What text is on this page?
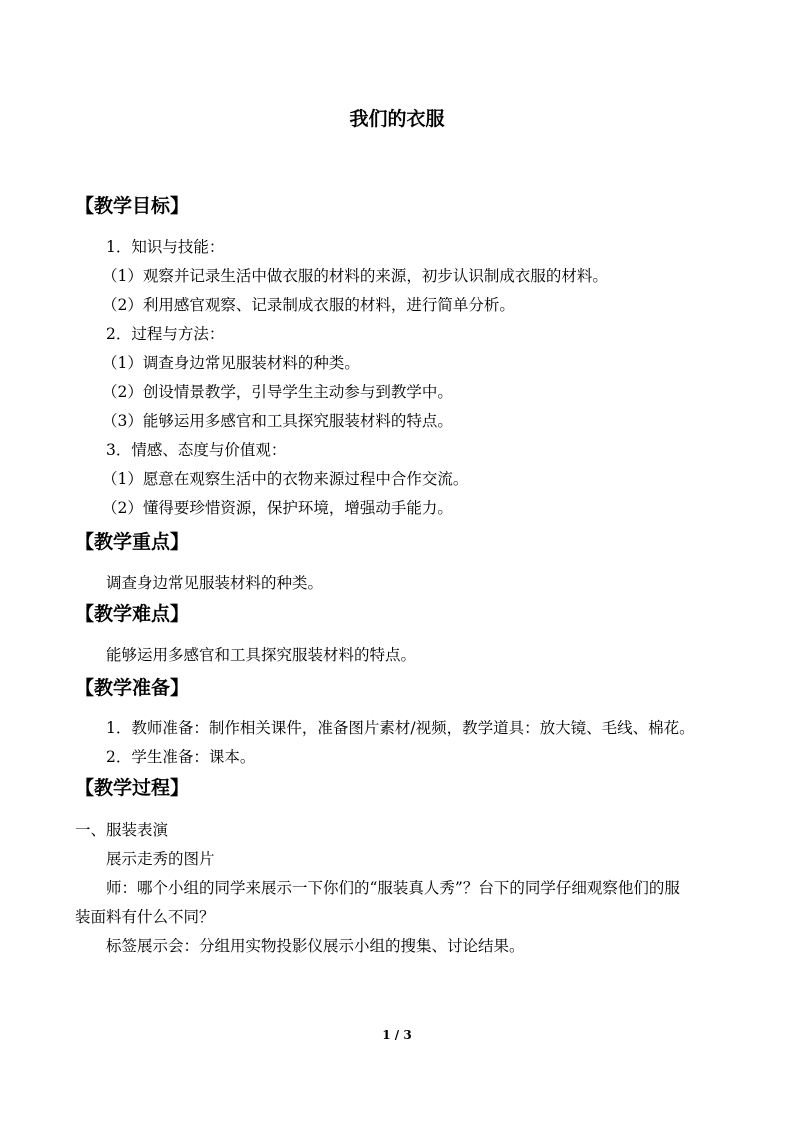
我们的衣服
【教学目标】
1．知识与技能：
（1）观察并记录生活中做衣服的材料的来源，初步认识制成衣服的材料。
（2）利用感官观察、记录制成衣服的材料，进行简单分析。
2．过程与方法：
（1）调查身边常见服装材料的种类。
（2）创设情景教学，引导学生主动参与到教学中。
（3）能够运用多感官和工具探究服装材料的特点。
3．情感、态度与价值观：
（1）愿意在观察生活中的衣物来源过程中合作交流。
（2）懂得要珍惜资源，保护环境，增强动手能力。
【教学重点】
调查身边常见服装材料的种类。
【教学难点】
能够运用多感官和工具探究服装材料的特点。
【教学准备】
1．教师准备：制作相关课件，准备图片素材/视频，教学道具：放大镜、毛线、棉花。
2．学生准备：课本。
【教学过程】
一、服装表演
展示走秀的图片
师：哪个小组的同学来展示一下你们的“服装真人秀”？台下的同学仔细观察他们的服
装面料有什么不同？
标签展示会：分组用实物投影仪展示小组的搜集、讨论结果。
1 / 3
